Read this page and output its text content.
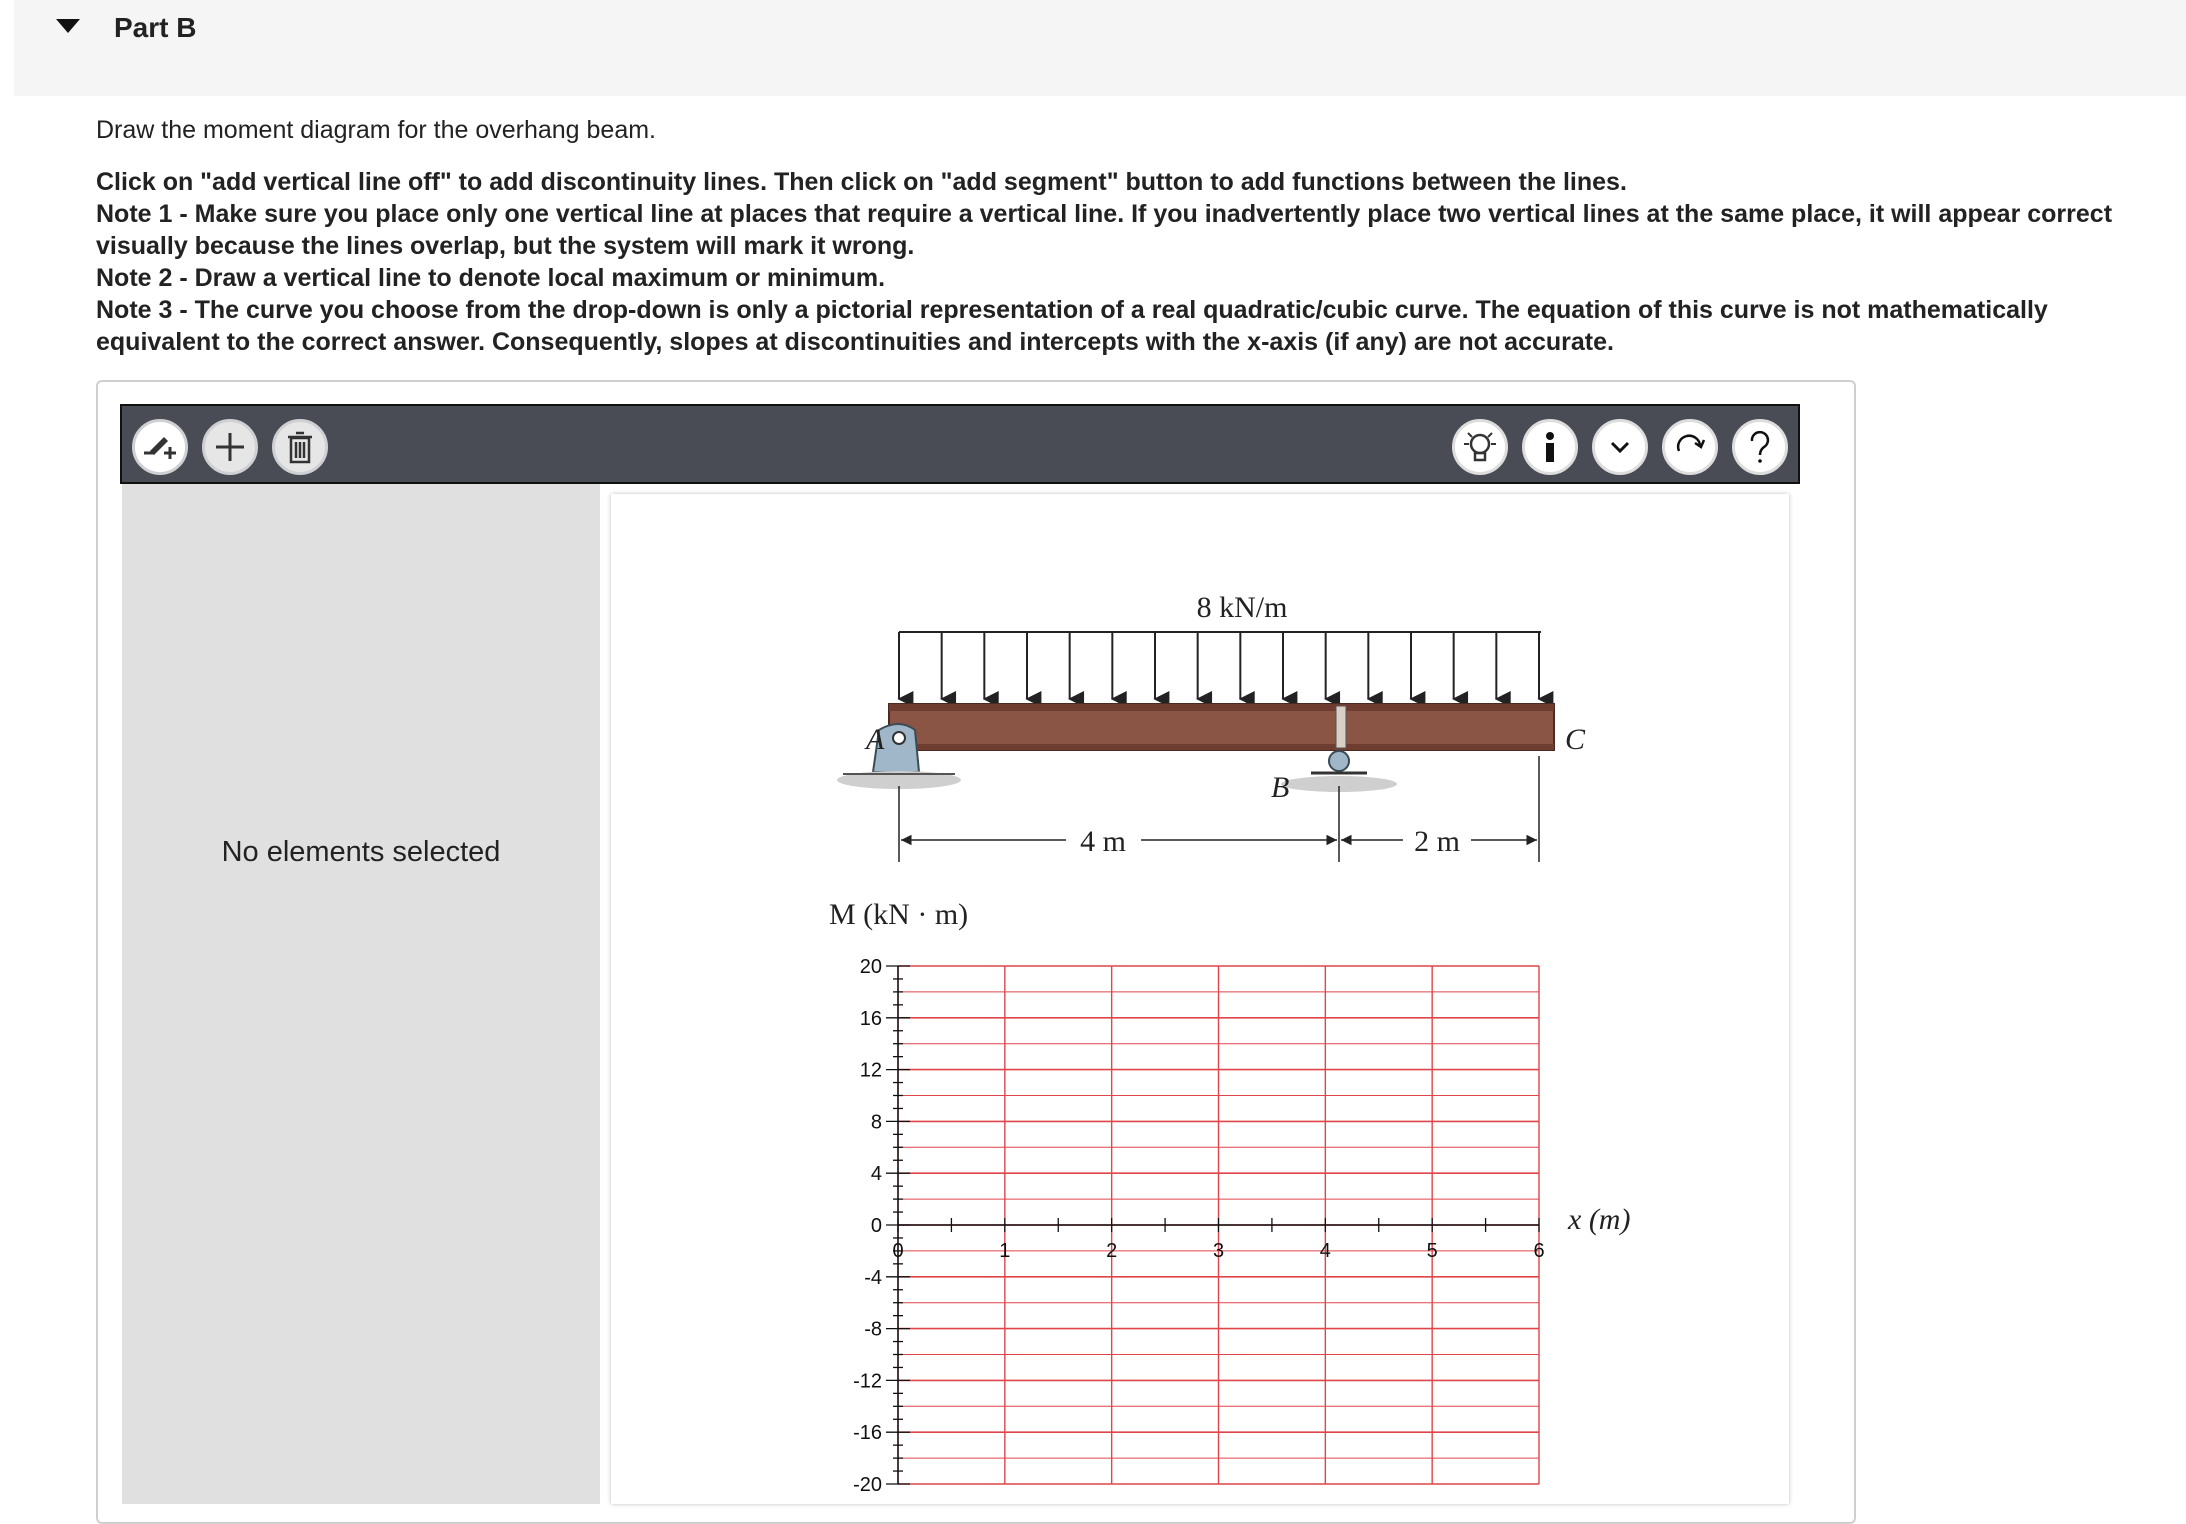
Part B

Draw the moment diagram for the overhang beam.

Click on "add vertical line off" to add discontinuity lines. Then click on "add segment" button to add functions between the lines.

Note 1 - Make sure you place only one vertical line at places that require a vertical line. If you inadvertently place two vertical lines at the same place, it will appear correct visually because the lines overlap, but the system will mark it wrong.

Note 2 - Draw a vertical line to denote local maximum or minimum.

Note 3 - The curve you choose from the drop-down is only a pictorial representation of a real quadratic/cubic curve. The equation of this curve is not mathematically equivalent to the correct answer. Consequently, slopes at discontinuities and intercepts with the x-axis (if any) are not accurate.

No elements selected
8 kN/m
A
B
C
4 m	2 m
M (kN · m)
20
16
12
8
4
0
-4
-8
-12
-16
-20
0	1	2	3	4	5	6
x (m)
